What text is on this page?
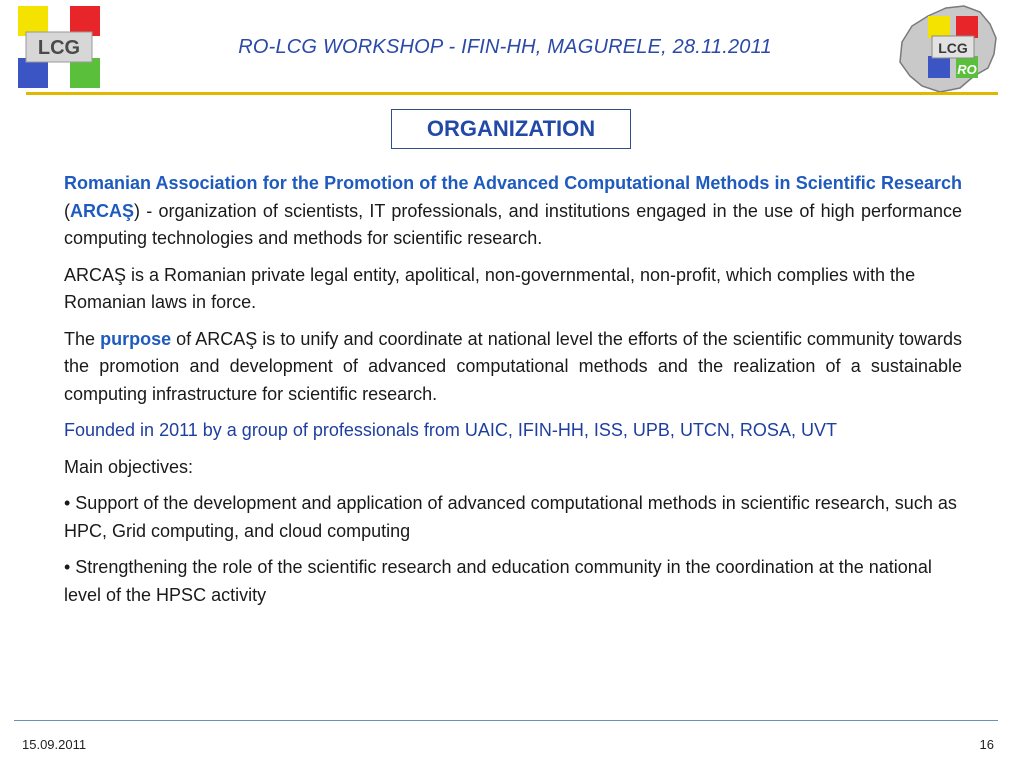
LCG	RO-LCG WORKSHOP - IFIN-HH, MAGURELE, 28.11.2011	LCG
RO
ORGANIZATION

Romanian Association for the Promotion of the Advanced Computational Methods in Scientific Research (ARCAŞ) - organization of scientists, IT professionals, and institutions engaged in the use of high performance computing technologies and methods for scientific research.

ARCAŞ is a Romanian private legal entity, apolitical, non-governmental, non-profit, which complies with the Romanian laws in force.

The purpose of ARCAŞ is to unify and coordinate at national level the efforts of the scientific community towards the promotion and development of advanced computational methods and the realization of a sustainable computing infrastructure for scientific research.

Founded in 2011 by a group of professionals from UAIC, IFIN-HH, ISS, UPB, UTCN, ROSA, UVT

Main objectives:

• Support of the development and application of advanced computational methods in scientific research, such as HPC, Grid computing, and cloud computing

• Strengthening the role of the scientific research and education community in the coordination at the national level of the HPSC activity

15.09.2011	16
